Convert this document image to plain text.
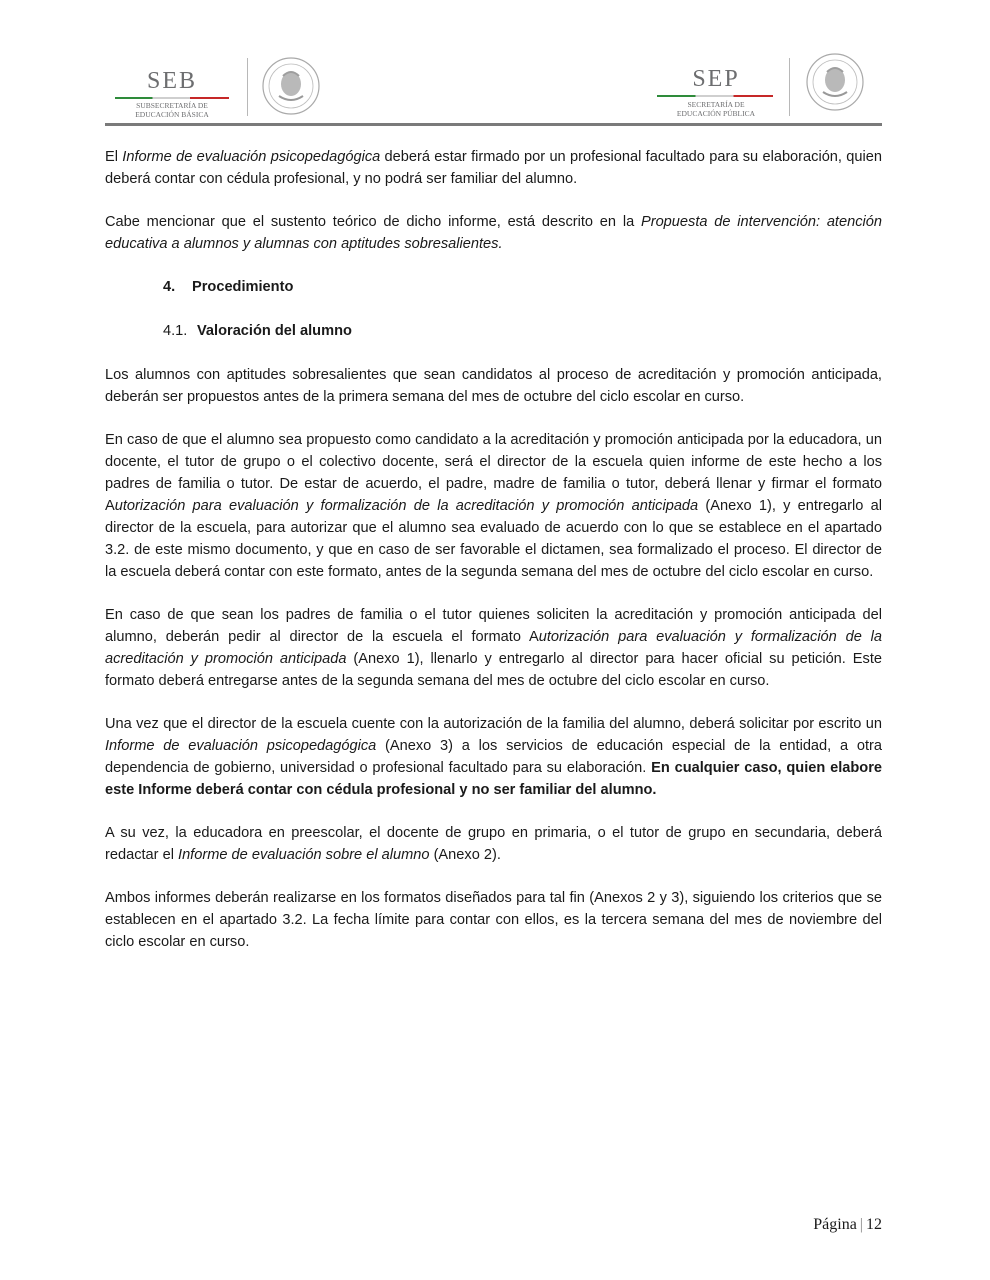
SEB
SUBSECRETARÍA DE
EDUCACIÓN BÁSICA
SEP
SECRETARÍA DE
EDUCACIÓN PÚBLICA

El Informe de evaluación psicopedagógica deberá estar firmado por un profesional facultado para su elaboración, quien deberá contar con cédula profesional, y no podrá ser familiar del alumno.

Cabe mencionar que el sustento teórico de dicho informe, está descrito en la Propuesta de intervención: atención educativa a alumnos y alumnas con aptitudes sobresalientes.

4. Procedimiento
4.1. Valoración del alumno

Los alumnos con aptitudes sobresalientes que sean candidatos al proceso de acreditación y promoción anticipada, deberán ser propuestos antes de la primera semana del mes de octubre del ciclo escolar en curso.

En caso de que el alumno sea propuesto como candidato a la acreditación y promoción anticipada por la educadora, un docente, el tutor de grupo o el colectivo docente, será el director de la escuela quien informe de este hecho a los padres de familia o tutor. De estar de acuerdo, el padre, madre de familia o tutor, deberá llenar y firmar el formato Autorización para evaluación y formalización de la acreditación y promoción anticipada (Anexo 1), y entregarlo al director de la escuela, para autorizar que el alumno sea evaluado de acuerdo con lo que se establece en el apartado 3.2. de este mismo documento, y que en caso de ser favorable el dictamen, sea formalizado el proceso. El director de la escuela deberá contar con este formato, antes de la segunda semana del mes de octubre del ciclo escolar en curso.

En caso de que sean los padres de familia o el tutor quienes soliciten la acreditación y promoción anticipada del alumno, deberán pedir al director de la escuela el formato Autorización para evaluación y formalización de la acreditación y promoción anticipada (Anexo 1), llenarlo y entregarlo al director para hacer oficial su petición. Este formato deberá entregarse antes de la segunda semana del mes de octubre del ciclo escolar en curso.

Una vez que el director de la escuela cuente con la autorización de la familia del alumno, deberá solicitar por escrito un Informe de evaluación psicopedagógica (Anexo 3) a los servicios de educación especial de la entidad, a otra dependencia de gobierno, universidad o profesional facultado para su elaboración. En cualquier caso, quien elabore este Informe deberá contar con cédula profesional y no ser familiar del alumno.

A su vez, la educadora en preescolar, el docente de grupo en primaria, o el tutor de grupo en secundaria, deberá redactar el Informe de evaluación sobre el alumno (Anexo 2).

Ambos informes deberán realizarse en los formatos diseñados para tal fin (Anexos 2 y 3), siguiendo los criterios que se establecen en el apartado 3.2. La fecha límite para contar con ellos, es la tercera semana del mes de noviembre del ciclo escolar en curso.

Página | 12
